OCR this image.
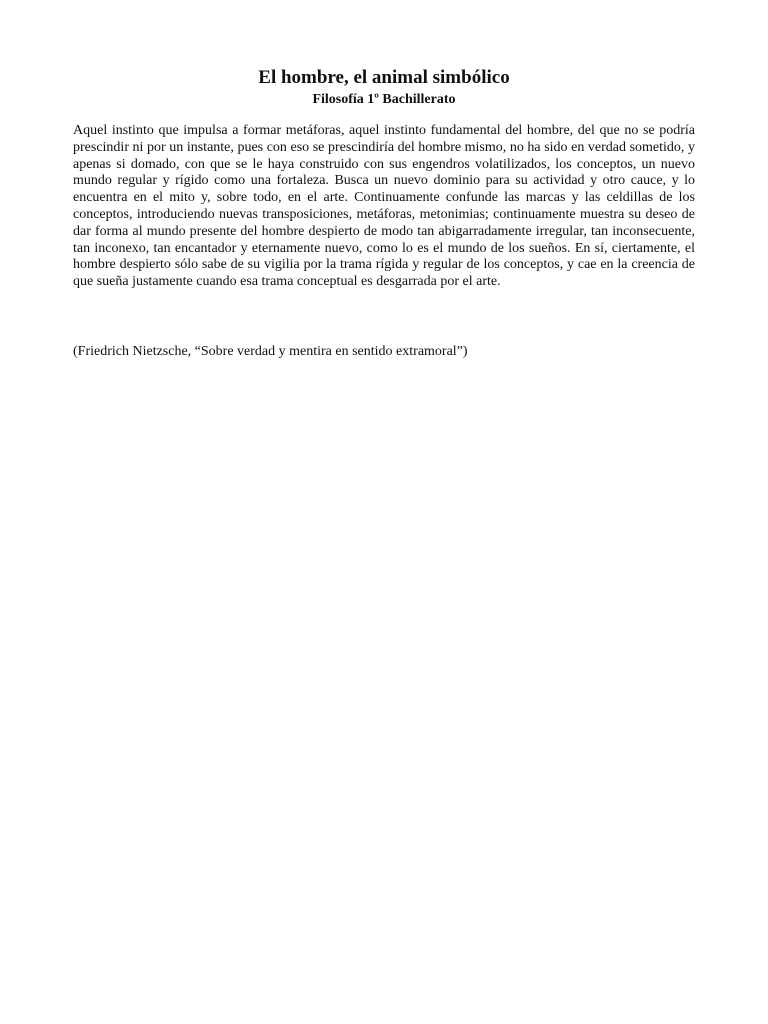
El hombre, el animal simbólico
Filosofía 1º Bachillerato

Aquel instinto que impulsa a formar metáforas, aquel instinto fundamental del hombre, del que no se podría prescindir ni por un instante, pues con eso se prescindiría del hombre mismo, no ha sido en verdad sometido, y apenas si domado, con que se le haya construido con sus engendros volatilizados, los conceptos, un nuevo mundo regular y rígido como una fortaleza. Busca un nuevo dominio para su actividad y otro cauce, y lo encuentra en el mito y, sobre todo, en el arte. Continuamente confunde las marcas y las celdillas de los conceptos, introduciendo nuevas transposiciones, metáforas, metonimias; continuamente muestra su deseo de dar forma al mundo presente del hombre despierto de modo tan abigarradamente irregular, tan inconsecuente, tan inconexo, tan encantador y eternamente nuevo, como lo es el mundo de los sueños. En sí, ciertamente, el hombre despierto sólo sabe de su vigilia por la trama rígida y regular de los conceptos, y cae en la creencia de que sueña justamente cuando esa trama conceptual es desgarrada por el arte.

(Friedrich Nietzsche, “Sobre verdad y mentira en sentido extramoral”)
